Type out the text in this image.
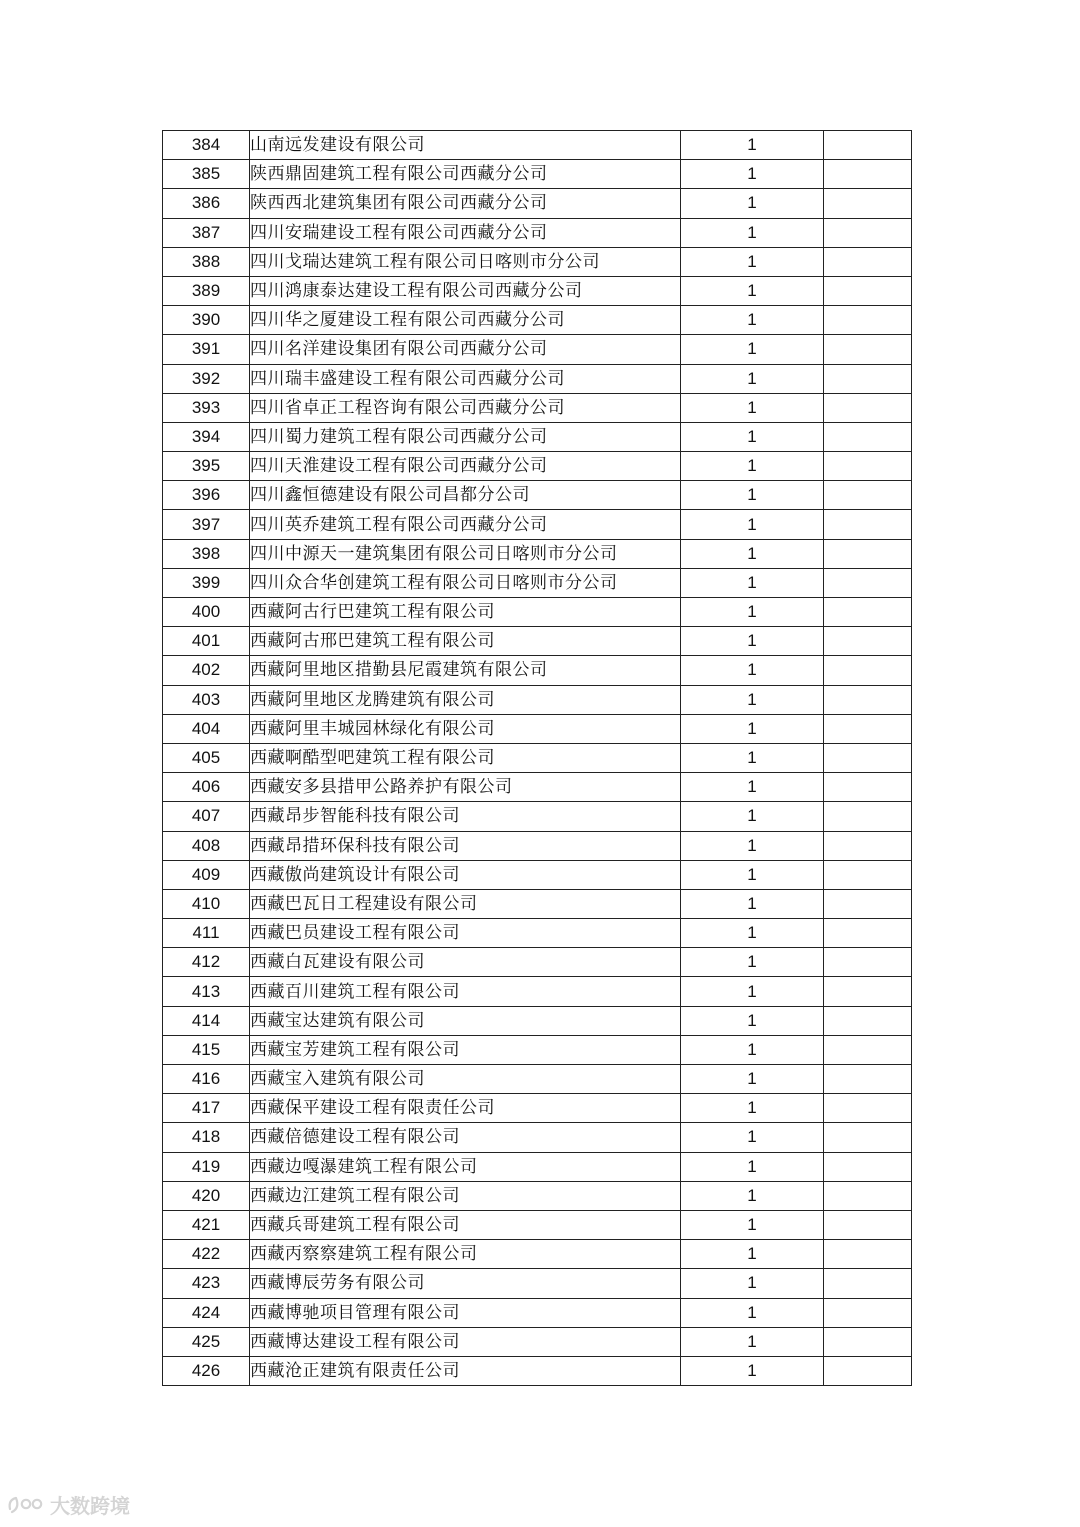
384	山南远发建设有限公司	1	
385	陕西鼎固建筑工程有限公司西藏分公司	1	
386	陕西西北建筑集团有限公司西藏分公司	1	
387	四川安瑞建设工程有限公司西藏分公司	1	
388	四川戈瑞达建筑工程有限公司日喀则市分公司	1	
389	四川鸿康泰达建设工程有限公司西藏分公司	1	
390	四川华之厦建设工程有限公司西藏分公司	1	
391	四川名洋建设集团有限公司西藏分公司	1	
392	四川瑞丰盛建设工程有限公司西藏分公司	1	
393	四川省卓正工程咨询有限公司西藏分公司	1	
394	四川蜀力建筑工程有限公司西藏分公司	1	
395	四川天淮建设工程有限公司西藏分公司	1	
396	四川鑫恒德建设有限公司昌都分公司	1	
397	四川英乔建筑工程有限公司西藏分公司	1	
398	四川中源天一建筑集团有限公司日喀则市分公司	1	
399	四川众合华创建筑工程有限公司日喀则市分公司	1	
400	西藏阿古行巴建筑工程有限公司	1	
401	西藏阿古邢巴建筑工程有限公司	1	
402	西藏阿里地区措勤县尼霞建筑有限公司	1	
403	西藏阿里地区龙腾建筑有限公司	1	
404	西藏阿里丰城园林绿化有限公司	1	
405	西藏啊酷型吧建筑工程有限公司	1	
406	西藏安多县措甲公路养护有限公司	1	
407	西藏昂步智能科技有限公司	1	
408	西藏昂措环保科技有限公司	1	
409	西藏傲尚建筑设计有限公司	1	
410	西藏巴瓦日工程建设有限公司	1	
411	西藏巴员建设工程有限公司	1	
412	西藏白瓦建设有限公司	1	
413	西藏百川建筑工程有限公司	1	
414	西藏宝达建筑有限公司	1	
415	西藏宝芳建筑工程有限公司	1	
416	西藏宝入建筑有限公司	1	
417	西藏保平建设工程有限责任公司	1	
418	西藏倍德建设工程有限公司	1	
419	西藏边嘎瀑建筑工程有限公司	1	
420	西藏边江建筑工程有限公司	1	
421	西藏兵哥建筑工程有限公司	1	
422	西藏丙察察建筑工程有限公司	1	
423	西藏博辰劳务有限公司	1	
424	西藏博驰项目管理有限公司	1	
425	西藏博达建设工程有限公司	1	
426	西藏沧正建筑有限责任公司	1	
大数跨境
